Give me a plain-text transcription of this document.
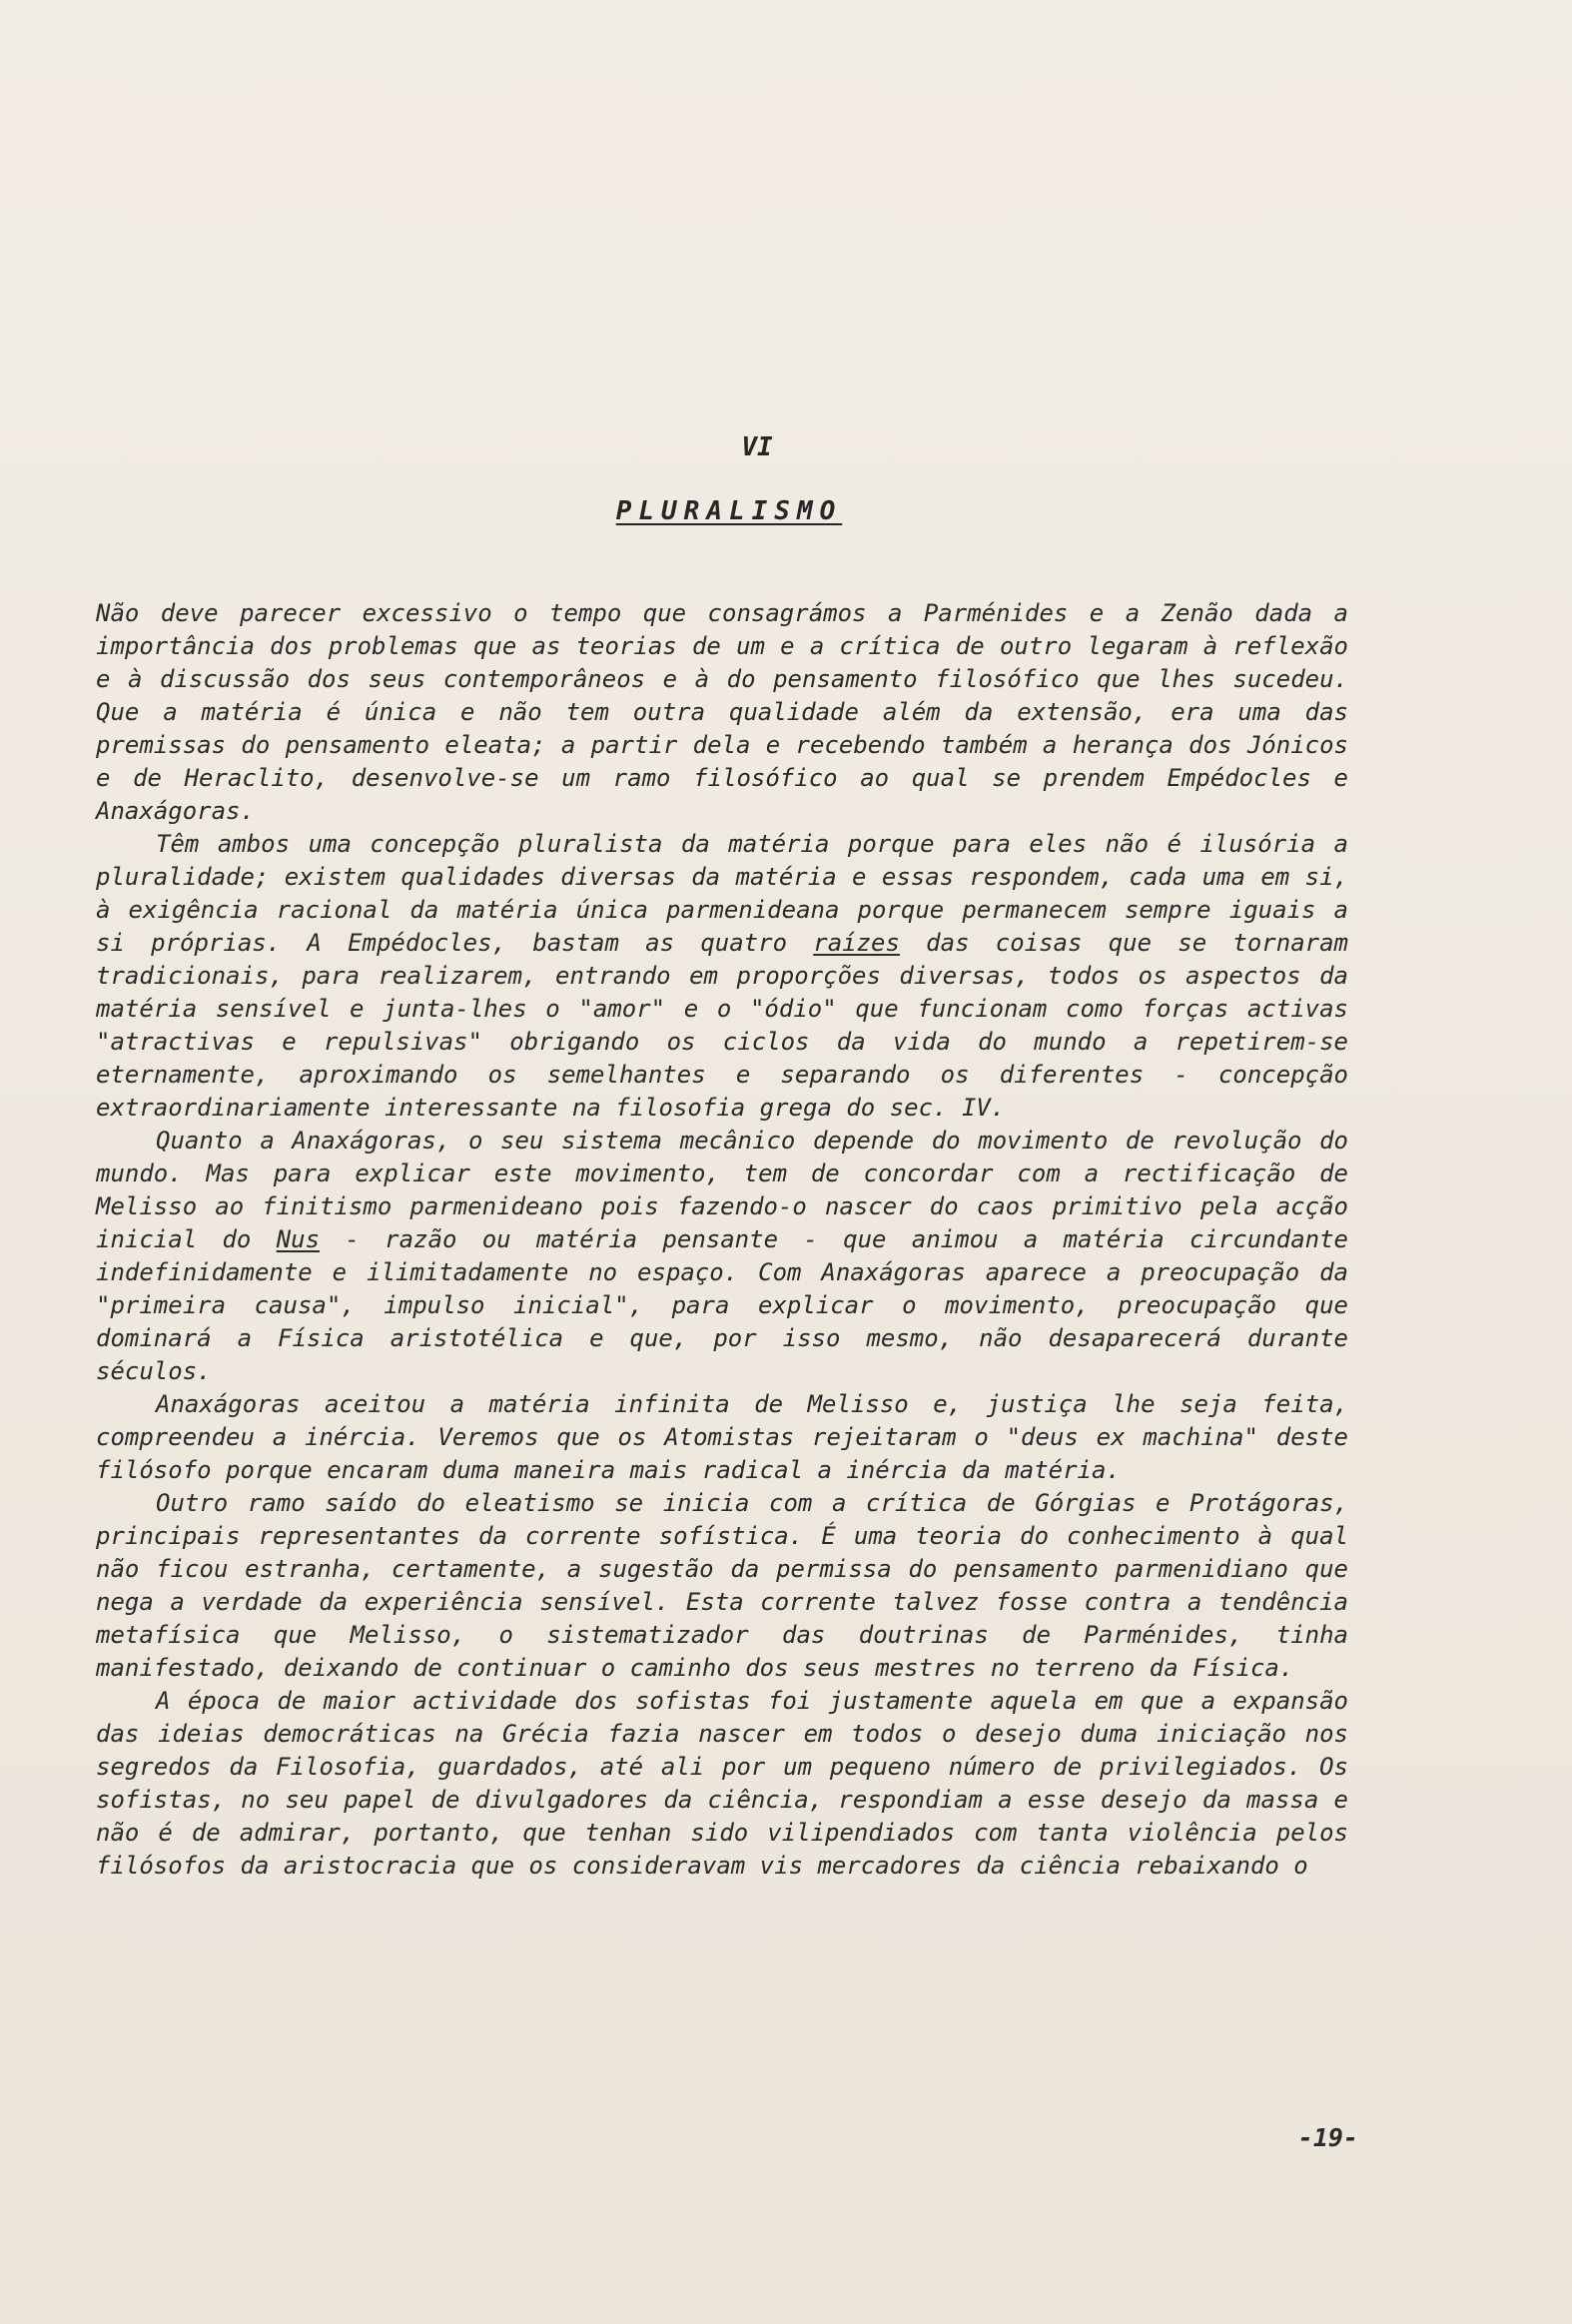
VI
PLURALISMO

Não deve parecer excessivo o tempo que consagrámos a Parménides e a Zenão dada a importância dos problemas que as teorias de um e a crítica de outro legaram à reflexão e à discussão dos seus contemporâneos e à do pensamento filosófico que lhes sucedeu. Que a matéria é única e não tem outra qualidade além da extensão, era uma das premissas do pensamento eleata; a partir dela e recebendo também a herança dos Jónicos e de Heraclito, desenvolve-se um ramo filosófico ao qual se prendem Empédocles e Anaxágoras.

Têm ambos uma concepção pluralista da matéria porque para eles não é ilusória a pluralidade; existem qualidades diversas da matéria e essas respondem, cada uma em si, à exigência racional da matéria única parmenideana porque permanecem sempre iguais a si próprias. A Empédocles, bastam as quatro raízes das coisas que se tornaram tradicionais, para realizarem, entrando em proporções diversas, todos os aspectos da matéria sensível e junta-lhes o "amor" e o "ódio" que funcionam como forças activas "atractivas e repulsivas" obrigando os ciclos da vida do mundo a repetirem-se eternamente, aproximando os semelhantes e separando os diferentes - concepção extraordinariamente interessante na filosofia grega do sec. IV.

Quanto a Anaxágoras, o seu sistema mecânico depende do movimento de revolução do mundo. Mas para explicar este movimento, tem de concordar com a rectificação de Melisso ao finitismo parmenideano pois fazendo-o nascer do caos primitivo pela acção inicial do Nus - razão ou matéria pensante - que animou a matéria circundante indefinidamente e ilimitadamente no espaço. Com Anaxágoras aparece a preocupação da "primeira causa", impulso inicial", para explicar o movimento, preocupação que dominará a Física aristotélica e que, por isso mesmo, não desaparecerá durante séculos.

Anaxágoras aceitou a matéria infinita de Melisso e, justiça lhe seja feita, compreendeu a inércia. Veremos que os Atomistas rejeitaram o "deus ex machina" deste filósofo porque encaram duma maneira mais radical a inércia da matéria.

Outro ramo saído do eleatismo se inicia com a crítica de Górgias e Protágoras, principais representantes da corrente sofística. É uma teoria do conhecimento à qual não ficou estranha, certamente, a sugestão da permissa do pensamento parmenidiano que nega a verdade da experiência sensível. Esta corrente talvez fosse contra a tendência metafísica que Melisso, o sistematizador das doutrinas de Parménides, tinha manifestado, deixando de continuar o caminho dos seus mestres no terreno da Física.

A época de maior actividade dos sofistas foi justamente aquela em que a expansão das ideias democráticas na Grécia fazia nascer em todos o desejo duma iniciação nos segredos da Filosofia, guardados, até ali por um pequeno número de privilegiados. Os sofistas, no seu papel de divulgadores da ciência, respondiam a esse desejo da massa e não é de admirar, portanto, que tenhan sido vilipendiados com tanta violência pelos filósofos da aristocracia que os consideravam vis mercadores da ciência rebaixando o

-19-
